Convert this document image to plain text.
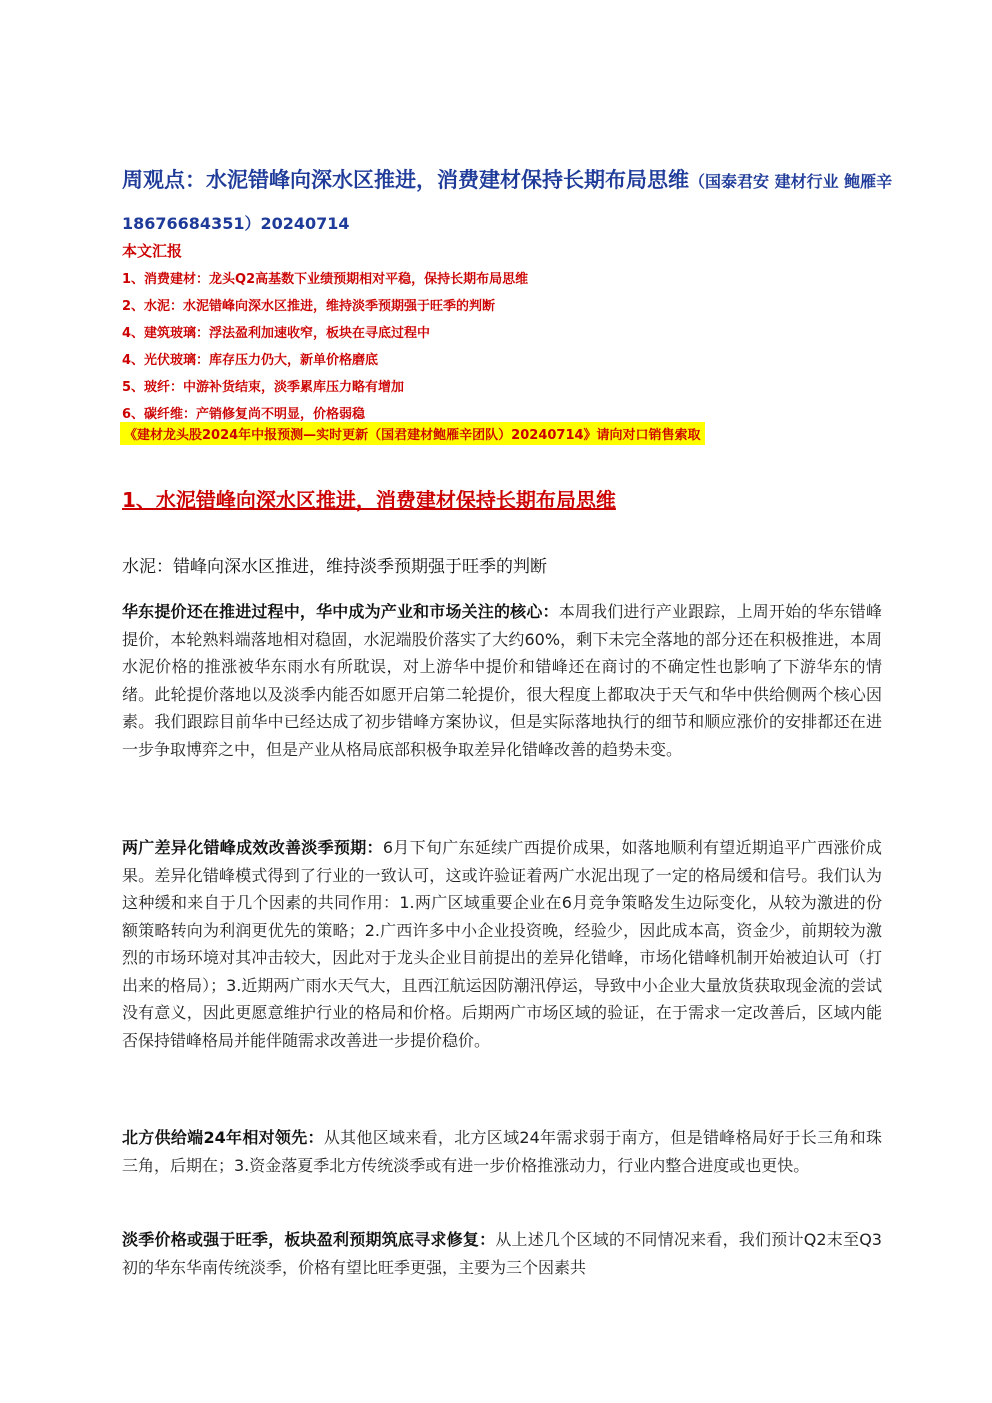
周观点：水泥错峰向深水区推进，消费建材保持长期布局思维（国泰君安 建材行业 鲍雁辛 18676684351）20240714
本文汇报
1、消费建材：龙头Q2高基数下业绩预期相对平稳，保持长期布局思维
2、水泥：水泥错峰向深水区推进，维持淡季预期强于旺季的判断
4、建筑玻璃：浮法盈利加速收窄，板块在寻底过程中
4、光伏玻璃：库存压力仍大，新单价格磨底
5、玻纤：中游补货结束，淡季累库压力略有增加
6、碳纤维：产销修复尚不明显，价格弱稳
《建材龙头股2024年中报预测—实时更新（国君建材鲍雁辛团队）20240714》请向对口销售索取
1、水泥错峰向深水区推进，消费建材保持长期布局思维
水泥：错峰向深水区推进，维持淡季预期强于旺季的判断
华东提价还在推进过程中，华中成为产业和市场关注的核心：本周我们进行产业跟踪，上周开始的华东错峰提价，本轮熟料端落地相对稳固，水泥端股价落实了大约60%，剩下未完全落地的部分还在积极推进，本周水泥价格的推涨被华东雨水有所耽误，对上游华中提价和错峰还在商讨的不确定性也影响了下游华东的情绪。此轮提价落地以及淡季内能否如愿开启第二轮提价，很大程度上都取决于天气和华中供给侧两个核心因素。我们跟踪目前华中已经达成了初步错峰方案协议，但是实际落地执行的细节和顺应涨价的安排都还在进一步争取博弈之中，但是产业从格局底部积极争取差异化错峰改善的趋势未变。
两广差异化错峰成效改善淡季预期：6月下旬广东延续广西提价成果，如落地顺利有望近期追平广西涨价成果。差异化错峰模式得到了行业的一致认可，这或许验证着两广水泥出现了一定的格局缓和信号。我们认为这种缓和来自于几个因素的共同作用：1.两广区域重要企业在6月竞争策略发生边际变化，从较为激进的份额策略转向为利润更优先的策略；2.广西许多中小企业投资晚，经验少，因此成本高，资金少，前期较为激烈的市场环境对其冲击较大，因此对于龙头企业目前提出的差异化错峰，市场化错峰机制开始被迫认可（打出来的格局）；3.近期两广雨水天气大，且西江航运因防潮汛停运，导致中小企业大量放货获取现金流的尝试没有意义，因此更愿意维护行业的格局和价格。后期两广市场区域的验证，在于需求一定改善后，区域内能否保持错峰格局并能伴随需求改善进一步提价稳价。
北方供给端24年相对领先：从其他区域来看，北方区域24年需求弱于南方，但是错峰格局好于长三角和珠三角，后期在；3.资金落夏季北方传统淡季或有进一步价格推涨动力，行业内整合进度或也更快。
淡季价格或强于旺季，板块盈利预期筑底寻求修复：从上述几个区域的不同情况来看，我们预计Q2末至Q3初的华东华南传统淡季，价格有望比旺季更强，主要为三个因素共
